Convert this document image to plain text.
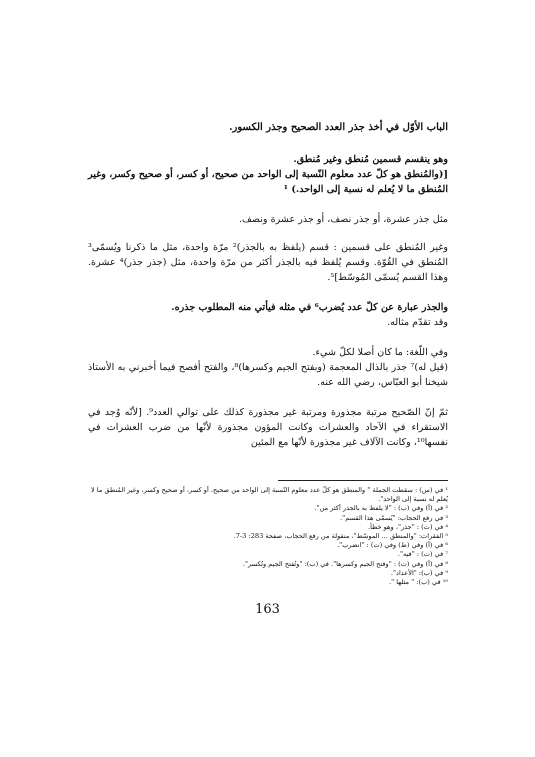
الباب الأوّل في أخذ جذر العدد الصحيح وجذر الكسور.

وهو ينقسم قسمين مُنطق وغير مُنطق.

[(والمُنطق هو كلّ عدد معلوم النّسبة إلى الواحد من صحيح، أو كسر، أو صحيح وكسر، وغير المُنطق ما لا يُعلم له نسبة إلى الواحد.) ¹

مثل جذر عشرة، أو جذر نصف، أو جذر عشرة ونصف.
وغير المُنطق على قسمين : قسم (يلفظ به بالجذر)² مرّة واحدة، مثل ما ذكرنا ويُسمّى³ المُنطق في القُوّة. وقسم يُلفظ فيه بالجذر أكثر من مرّة واحدة، مثل (جذر جذر)⁴ عشرة. وهذا القسم يُسمّى المُوسّط]⁵.

والجذر عبارة عن كلّ عدد يُضرب⁶ في مثله فيأتي منه المطلوب جذره.

وقد تقدّم مثاله.

وفي اللّغة: ما كان أصلا لكلّ شيء.

(قيل له)⁷ جذر بالذال المعجمة (وبفتح الجيم وكسرها)⁸، والفتح أفصح فيما أخبرني به الأستاذ شيخنا أبو العبّاس، رضي الله عنه.

ثمّ إنّ الصّحيح مرتبة مجذورة ومرتبة غير مجذورة كذلك على توالي العدد⁹. [لأنّه وُجد في الاستقراء في الآحاد والعشرات وكانت المؤون مجذورة لأنّها من ضرب العشرات في نفسها¹⁰، وكانت الآلاف غير مجذورة لأنّها مع المئين

¹ في (س) : سقطت الجملة " والمنطق هو كلّ عدد معلوم النّسبة إلى الواحد من صحيح، أو كسر، أو صحيح وكسر، وغير المُنطق ما لا يُعلم له نسبة إلى الواحد".

² في (أ) وفي (ب) : "لا يلفظ به بالجذر أكثر من".

³ في رفع الحجاب: "يُسمّى هذا القسم".

⁴ في (ت) : "جذر"، وهو خطأ.

⁵ الفقرات: "والمنطق ... الموسّط"، منقولة من رفع الحجاب، صفحة 283: 3-7.

⁶ في (أ) وفي (ط) وفي (ت) : "انضرب".

⁷ في (ت) : "فيه".

⁸ في (أ) وفي (ت) : "وفتح الجيم وكسرها". في (ب): "وتُفتح الجيم وتُكسر".

⁹ في (ب): "الأعداد".

¹⁰ في (ب): " مثلها ".

163
